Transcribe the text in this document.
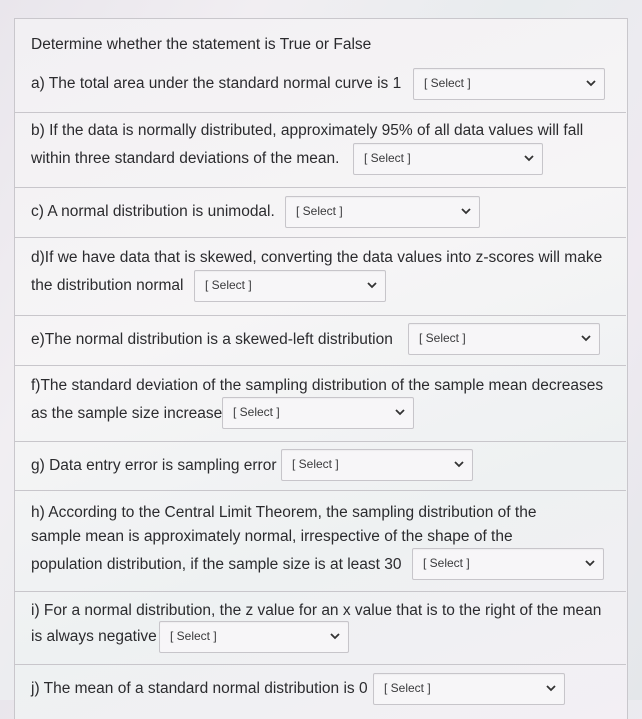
Determine whether the statement is True or False
a) The total area under the standard normal curve is 1 [ Select ]
b) If the data is normally distributed, approximately 95% of all data values will fall
within three standard deviations of the mean. [ Select ]
c) A normal distribution is unimodal. [ Select ]
d)If we have data that is skewed, converting the data values into z-scores will make
the distribution normal [ Select ]
e)The normal distribution is a skewed-left distribution [ Select ]
f)The standard deviation of the sampling distribution of the sample mean decreases
as the sample size increase [ Select ]
g) Data entry error is sampling error [ Select ]
h) According to the Central Limit Theorem, the sampling distribution of the
sample mean is approximately normal, irrespective of the shape of the
population distribution, if the sample size is at least 30 [ Select ]
i) For a normal distribution, the z value for an x value that is to the right of the mean
is always negative [ Select ]
j) The mean of a standard normal distribution is 0 [ Select ]
